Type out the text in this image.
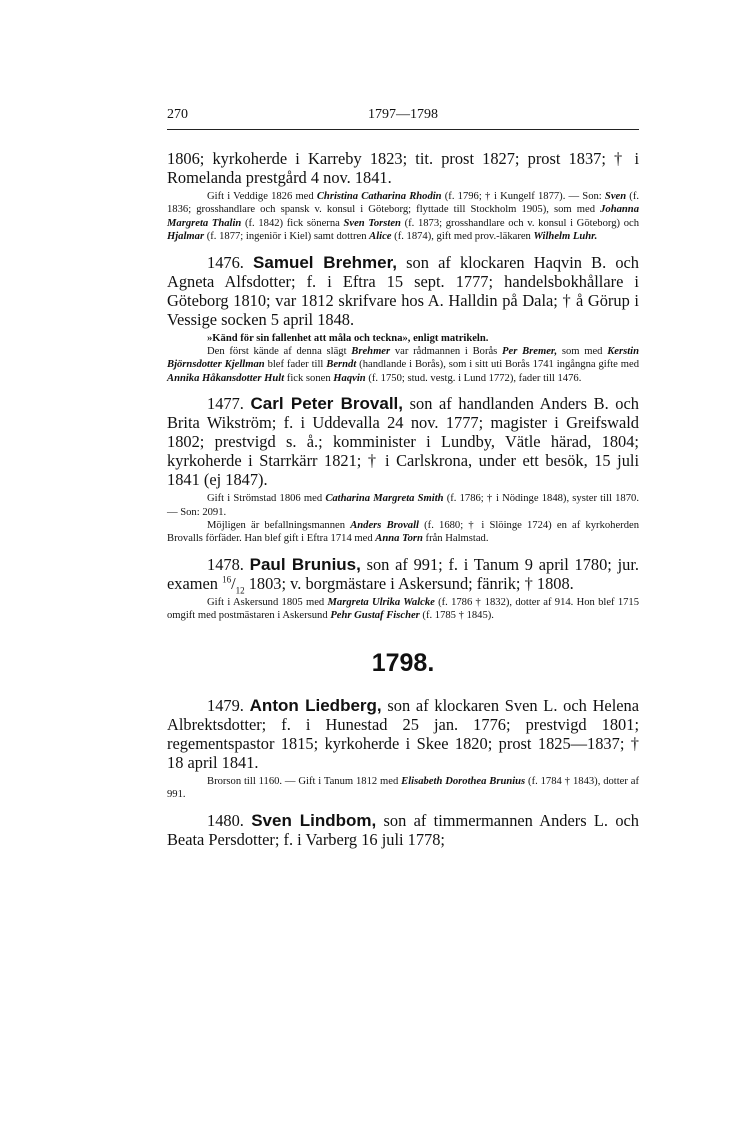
270	1797—1798

1806; kyrkoherde i Karreby 1823; tit. prost 1827; prost 1837; † i Romelanda prestgård 4 nov. 1841.

Gift i Veddige 1826 med Christina Catharina Rhodin (f. 1796; † i Kungelf 1877). — Son: Sven (f. 1836; grosshandlare och spansk v. konsul i Göteborg; flyttade till Stockholm 1905), som med Johanna Margreta Thalin (f. 1842) fick sönerna Sven Torsten (f. 1873; grosshandlare och v. konsul i Göteborg) och Hjalmar (f. 1877; ingeniör i Kiel) samt dottren Alice (f. 1874), gift med prov.-läkaren Wilhelm Luhr.

1476. Samuel Brehmer, son af klockaren Haqvin B. och Agneta Alfsdotter; f. i Eftra 15 sept. 1777; handelsbokhållare i Göteborg 1810; var 1812 skrifvare hos A. Halldin på Dala; † å Görup i Vessige socken 5 april 1848.

»Känd för sin fallenhet att måla och teckna», enligt matrikeln.

Den först kände af denna slägt Brehmer var rådmannen i Borås Per Bremer, som med Kerstin Björnsdotter Kjellman blef fader till Berndt (handlande i Borås), som i sitt uti Borås 1741 ingångna gifte med Annika Håkansdotter Hult fick sonen Haqvin (f. 1750; stud. vestg. i Lund 1772), fader till 1476.

1477. Carl Peter Brovall, son af handlanden Anders B. och Brita Wikström; f. i Uddevalla 24 nov. 1777; magister i Greifswald 1802; prestvigd s. å.; komminister i Lundby, Vätle härad, 1804; kyrkoherde i Starrkärr 1821; † i Carlskrona, under ett besök, 15 juli 1841 (ej 1847).

Gift i Strömstad 1806 med Catharina Margreta Smith (f. 1786; † i Nödinge 1848), syster till 1870. — Son: 2091.

Möjligen är befallningsmannen Anders Brovall (f. 1680; † i Slöinge 1724) en af kyrkoherden Brovalls förfäder. Han blef gift i Eftra 1714 med Anna Torn från Halmstad.

1478. Paul Brunius, son af 991; f. i Tanum 9 april 1780; jur. examen $^{16}/_{12}$ 1803; v. borgmästare i Askersund; fänrik; † 1808.

Gift i Askersund 1805 med Margreta Ulrika Walcke (f. 1786 † 1832), dotter af 914. Hon blef 1715 omgift med postmästaren i Askersund Pehr Gustaf Fischer (f. 1785 † 1845).

1798.

1479. Anton Liedberg, son af klockaren Sven L. och Helena Albrektsdotter; f. i Hunestad 25 jan. 1776; prestvigd 1801; regementspastor 1815; kyrkoherde i Skee 1820; prost 1825—1837; † 18 april 1841.

Brorson till 1160. — Gift i Tanum 1812 med Elisabeth Dorothea Brunius (f. 1784 † 1843), dotter af 991.

1480. Sven Lindbom, son af timmermannen Anders L. och Beata Persdotter; f. i Varberg 16 juli 1778;
